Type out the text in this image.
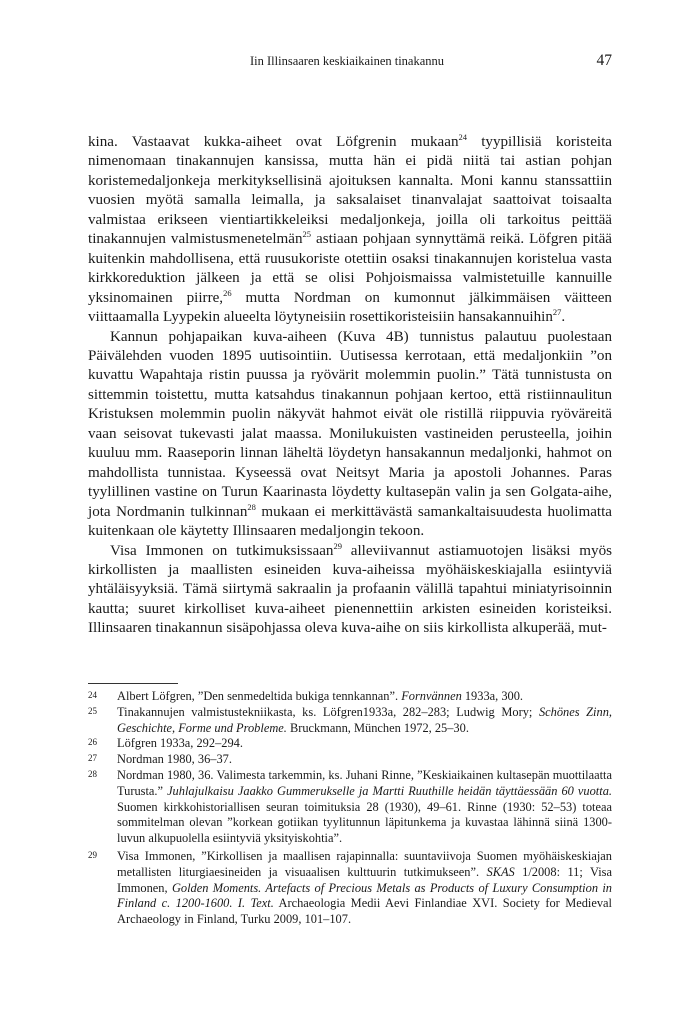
Iin Illinsaaren keskiaikainen tinakannu	47

kina. Vastaavat kukka-aiheet ovat Löfgrenin mukaan$^{24}$ tyypillisiä koristeita nimenomaan tinakannujen kansissa, mutta hän ei pidä niitä tai astian pohjan koristemedaljonkeja merkityksellisinä ajoituksen kannalta. Moni kannu stanssattiin vuosien myötä samalla leimalla, ja saksalaiset tinanvalajat saattoivat toisaalta valmistaa erikseen vientiartikkeleiksi medaljonkeja, joilla oli tarkoitus peittää tinakannujen valmistusmenetelmän$^{25}$ astiaan pohjaan synnyttämä reikä. Löfgren pitää kuitenkin mahdollisena, että ruusukoriste otettiin osaksi tinakannujen koristelua vasta kirkkoreduktion jälkeen ja että se olisi Pohjoismaissa valmistetuille kannuille yksinomainen piirre,$^{26}$ mutta Nordman on kumonnut jälkimmäisen väitteen viittaamalla Lyypekin alueelta löytyneisiin rosettikoristeisiin hansakannuihin$^{27}$.

Kannun pohjapaikan kuva-aiheen (Kuva 4B) tunnistus palautuu puolestaan Päivälehden vuoden 1895 uutisointiin. Uutisessa kerrotaan, että medaljonkiin ”on kuvattu Wapahtaja ristin puussa ja ryövärit molemmin puolin.” Tätä tunnistusta on sittemmin toistettu, mutta katsahdus tinakannun pohjaan kertoo, että ristiinnaulitun Kristuksen molemmin puolin näkyvät hahmot eivät ole ristillä riippuvia ryöväreitä vaan seisovat tukevasti jalat maassa. Monilukuisten vastineiden perusteella, joihin kuuluu mm. Raaseporin linnan läheltä löydetyn hansakannun medaljonki, hahmot on mahdollista tunnistaa. Kyseessä ovat Neitsyt Maria ja apostoli Johannes. Paras tyylillinen vastine on Turun Kaarinasta löydetty kultasepän valin ja sen Golgata-aihe, jota Nordmanin tulkinnan$^{28}$ mukaan ei merkittävästä samankaltaisuudesta huolimatta kuitenkaan ole käytetty Illinsaaren medaljongin tekoon.

Visa Immonen on tutkimuksissaan$^{29}$ alleviivannut astiamuotojen lisäksi myös kirkollisten ja maallisten esineiden kuva-aiheissa myöhäiskeskiajalla esiintyviä yhtäläisyyksiä. Tämä siirtymä sakraalin ja profaanin välillä tapahtui miniatyrisoinnin kautta; suuret kirkolliset kuva-aiheet pienennettiin arkisten esineiden koristeiksi. Illinsaaren tinakannun sisäpohjassa oleva kuva-aihe on siis kirkollista alkuperää, mut-

24 Albert Löfgren, ”Den senmedeltida bukiga tennkannan”. Fornvännen 1933a, 300.
25 Tinakannujen valmistustekniikasta, ks. Löfgren1933a, 282–283; Ludwig Mory; Schönes Zinn, Geschichte, Forme und Probleme. Bruckmann, München 1972, 25–30.
26 Löfgren 1933a, 292–294.
27 Nordman 1980, 36–37.
28 Nordman 1980, 36. Valimesta tarkemmin, ks. Juhani Rinne, ”Keskiaikainen kultasepän muottilaatta Turusta.” Juhlajulkaisu Jaakko Gummerukselle ja Martti Ruuthille heidän täyttäessään 60 vuotta. Suomen kirkkohistoriallisen seuran toimituksia 28 (1930), 49–61. Rinne (1930: 52–53) toteaa sommitelman olevan ”korkean gotiikan tyylitunnun läpitunkema ja kuvastaa lähinnä siinä 1300-luvun alkupuolella esiintyviä yksityiskohtia”.
29 Visa Immonen, ”Kirkollisen ja maallisen rajapinnalla: suuntaviivoja Suomen myöhäiskeskiajan metallisten liturgiaesineiden ja visuaalisen kulttuurin tutkimukseen”. SKAS 1/2008: 11; Visa Immonen, Golden Moments. Artefacts of Precious Metals as Products of Luxury Consumption in Finland c. 1200-1600. I. Text. Archaeologia Medii Aevi Finlandiae XVI. Society for Medieval Archaeology in Finland, Turku 2009, 101–107.
